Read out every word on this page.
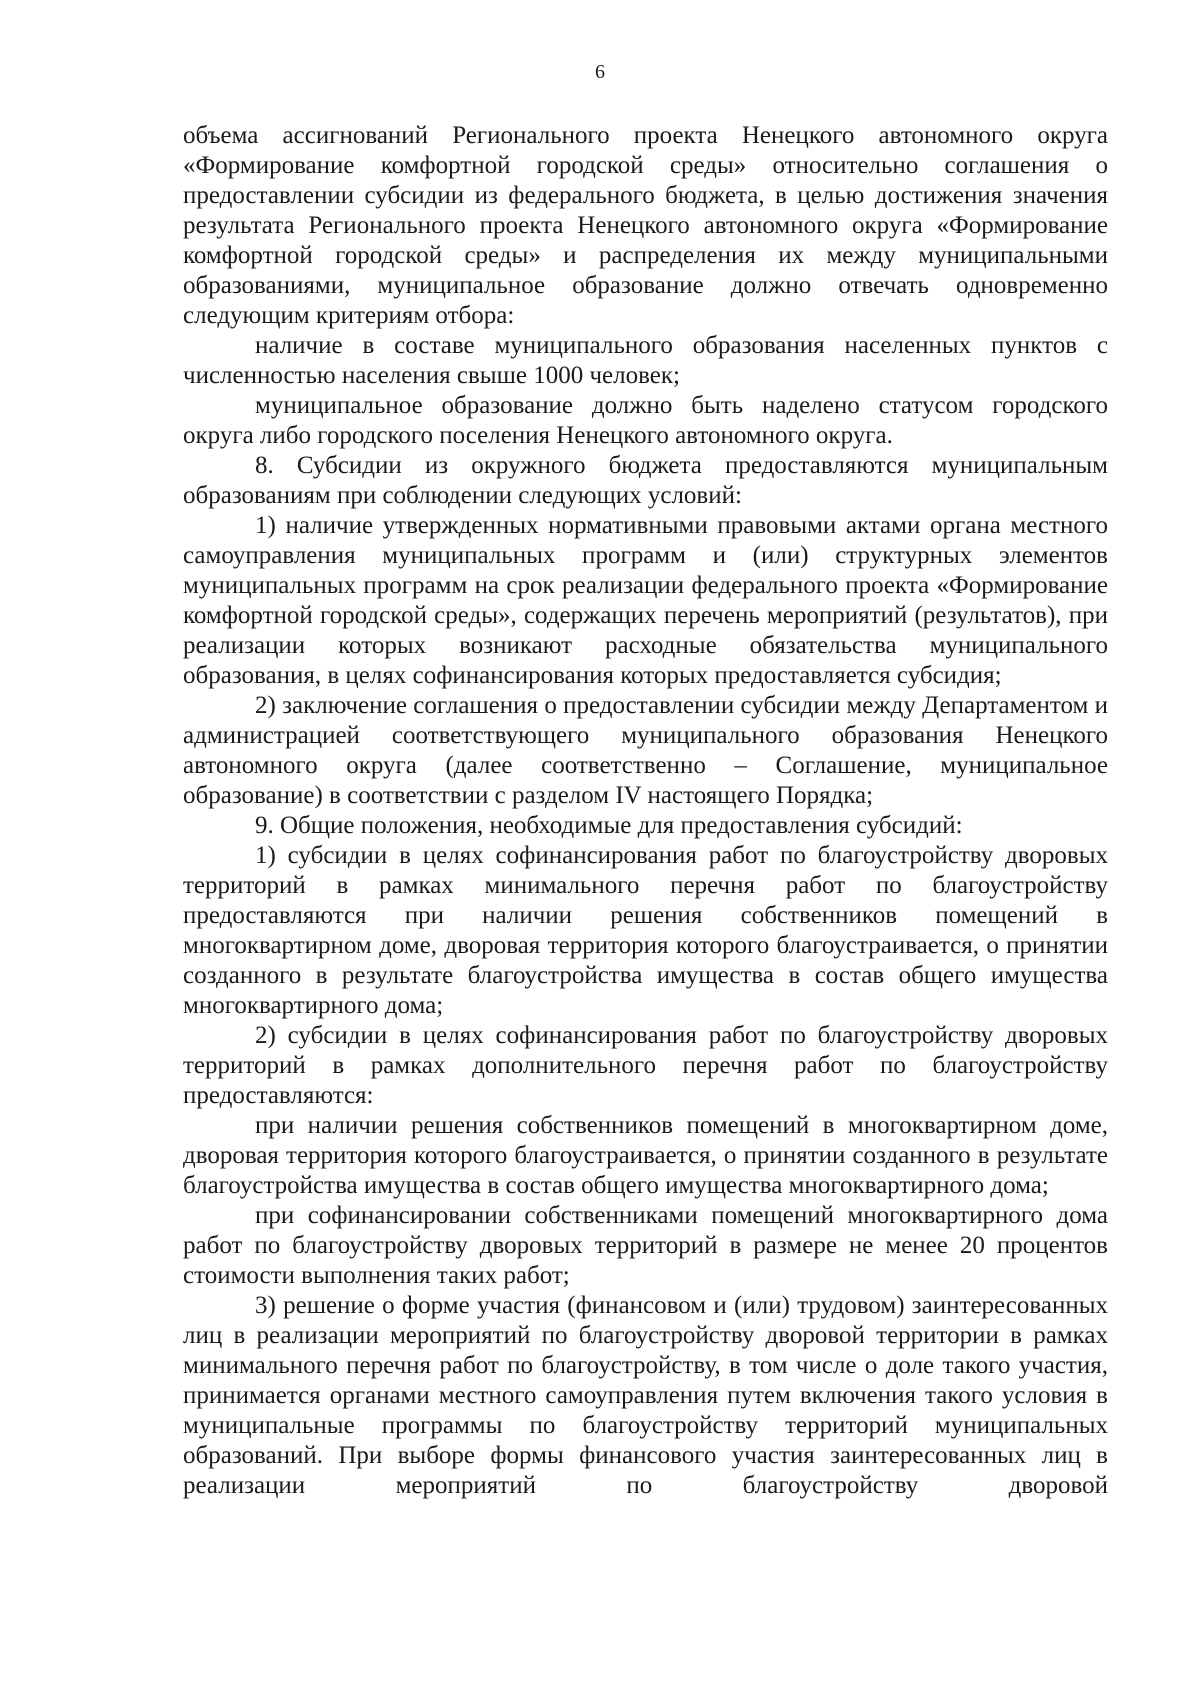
6

объема ассигнований Регионального проекта Ненецкого автономного округа «Формирование комфортной городской среды» относительно соглашения о предоставлении субсидии из федерального бюджета, в целью достижения значения результата Регионального проекта Ненецкого автономного округа «Формирование комфортной городской среды» и распределения их между муниципальными образованиями, муниципальное образование должно отвечать одновременно следующим критериям отбора:

наличие в составе муниципального образования населенных пунктов с численностью населения свыше 1000 человек;

муниципальное образование должно быть наделено статусом городского округа либо городского поселения Ненецкого автономного округа.

8. Субсидии из окружного бюджета предоставляются муниципальным образованиям при соблюдении следующих условий:

1) наличие утвержденных нормативными правовыми актами органа местного самоуправления муниципальных программ и (или) структурных элементов муниципальных программ на срок реализации федерального проекта «Формирование комфортной городской среды», содержащих перечень мероприятий (результатов), при реализации которых возникают расходные обязательства муниципального образования, в целях софинансирования которых предоставляется субсидия;

2) заключение соглашения о предоставлении субсидии между Департаментом и администрацией соответствующего муниципального образования Ненецкого автономного округа (далее соответственно – Соглашение, муниципальное образование) в соответствии с разделом IV настоящего Порядка;

9. Общие положения, необходимые для предоставления субсидий:

1) субсидии в целях софинансирования работ по благоустройству дворовых территорий в рамках минимального перечня работ по благоустройству предоставляются при наличии решения собственников помещений в многоквартирном доме, дворовая территория которого благоустраивается, о принятии созданного в результате благоустройства имущества в состав общего имущества многоквартирного дома;

2) субсидии в целях софинансирования работ по благоустройству дворовых территорий в рамках дополнительного перечня работ по благоустройству предоставляются:

при наличии решения собственников помещений в многоквартирном доме, дворовая территория которого благоустраивается, о принятии созданного в результате благоустройства имущества в состав общего имущества многоквартирного дома;

при софинансировании собственниками помещений многоквартирного дома работ по благоустройству дворовых территорий в размере не менее 20 процентов стоимости выполнения таких работ;

3) решение о форме участия (финансовом и (или) трудовом) заинтересованных лиц в реализации мероприятий по благоустройству дворовой территории в рамках минимального перечня работ по благоустройству, в том числе о доле такого участия, принимается органами местного самоуправления путем включения такого условия в муниципальные программы по благоустройству территорий муниципальных образований. При выборе формы финансового участия заинтересованных лиц в реализации мероприятий по благоустройству дворовой
